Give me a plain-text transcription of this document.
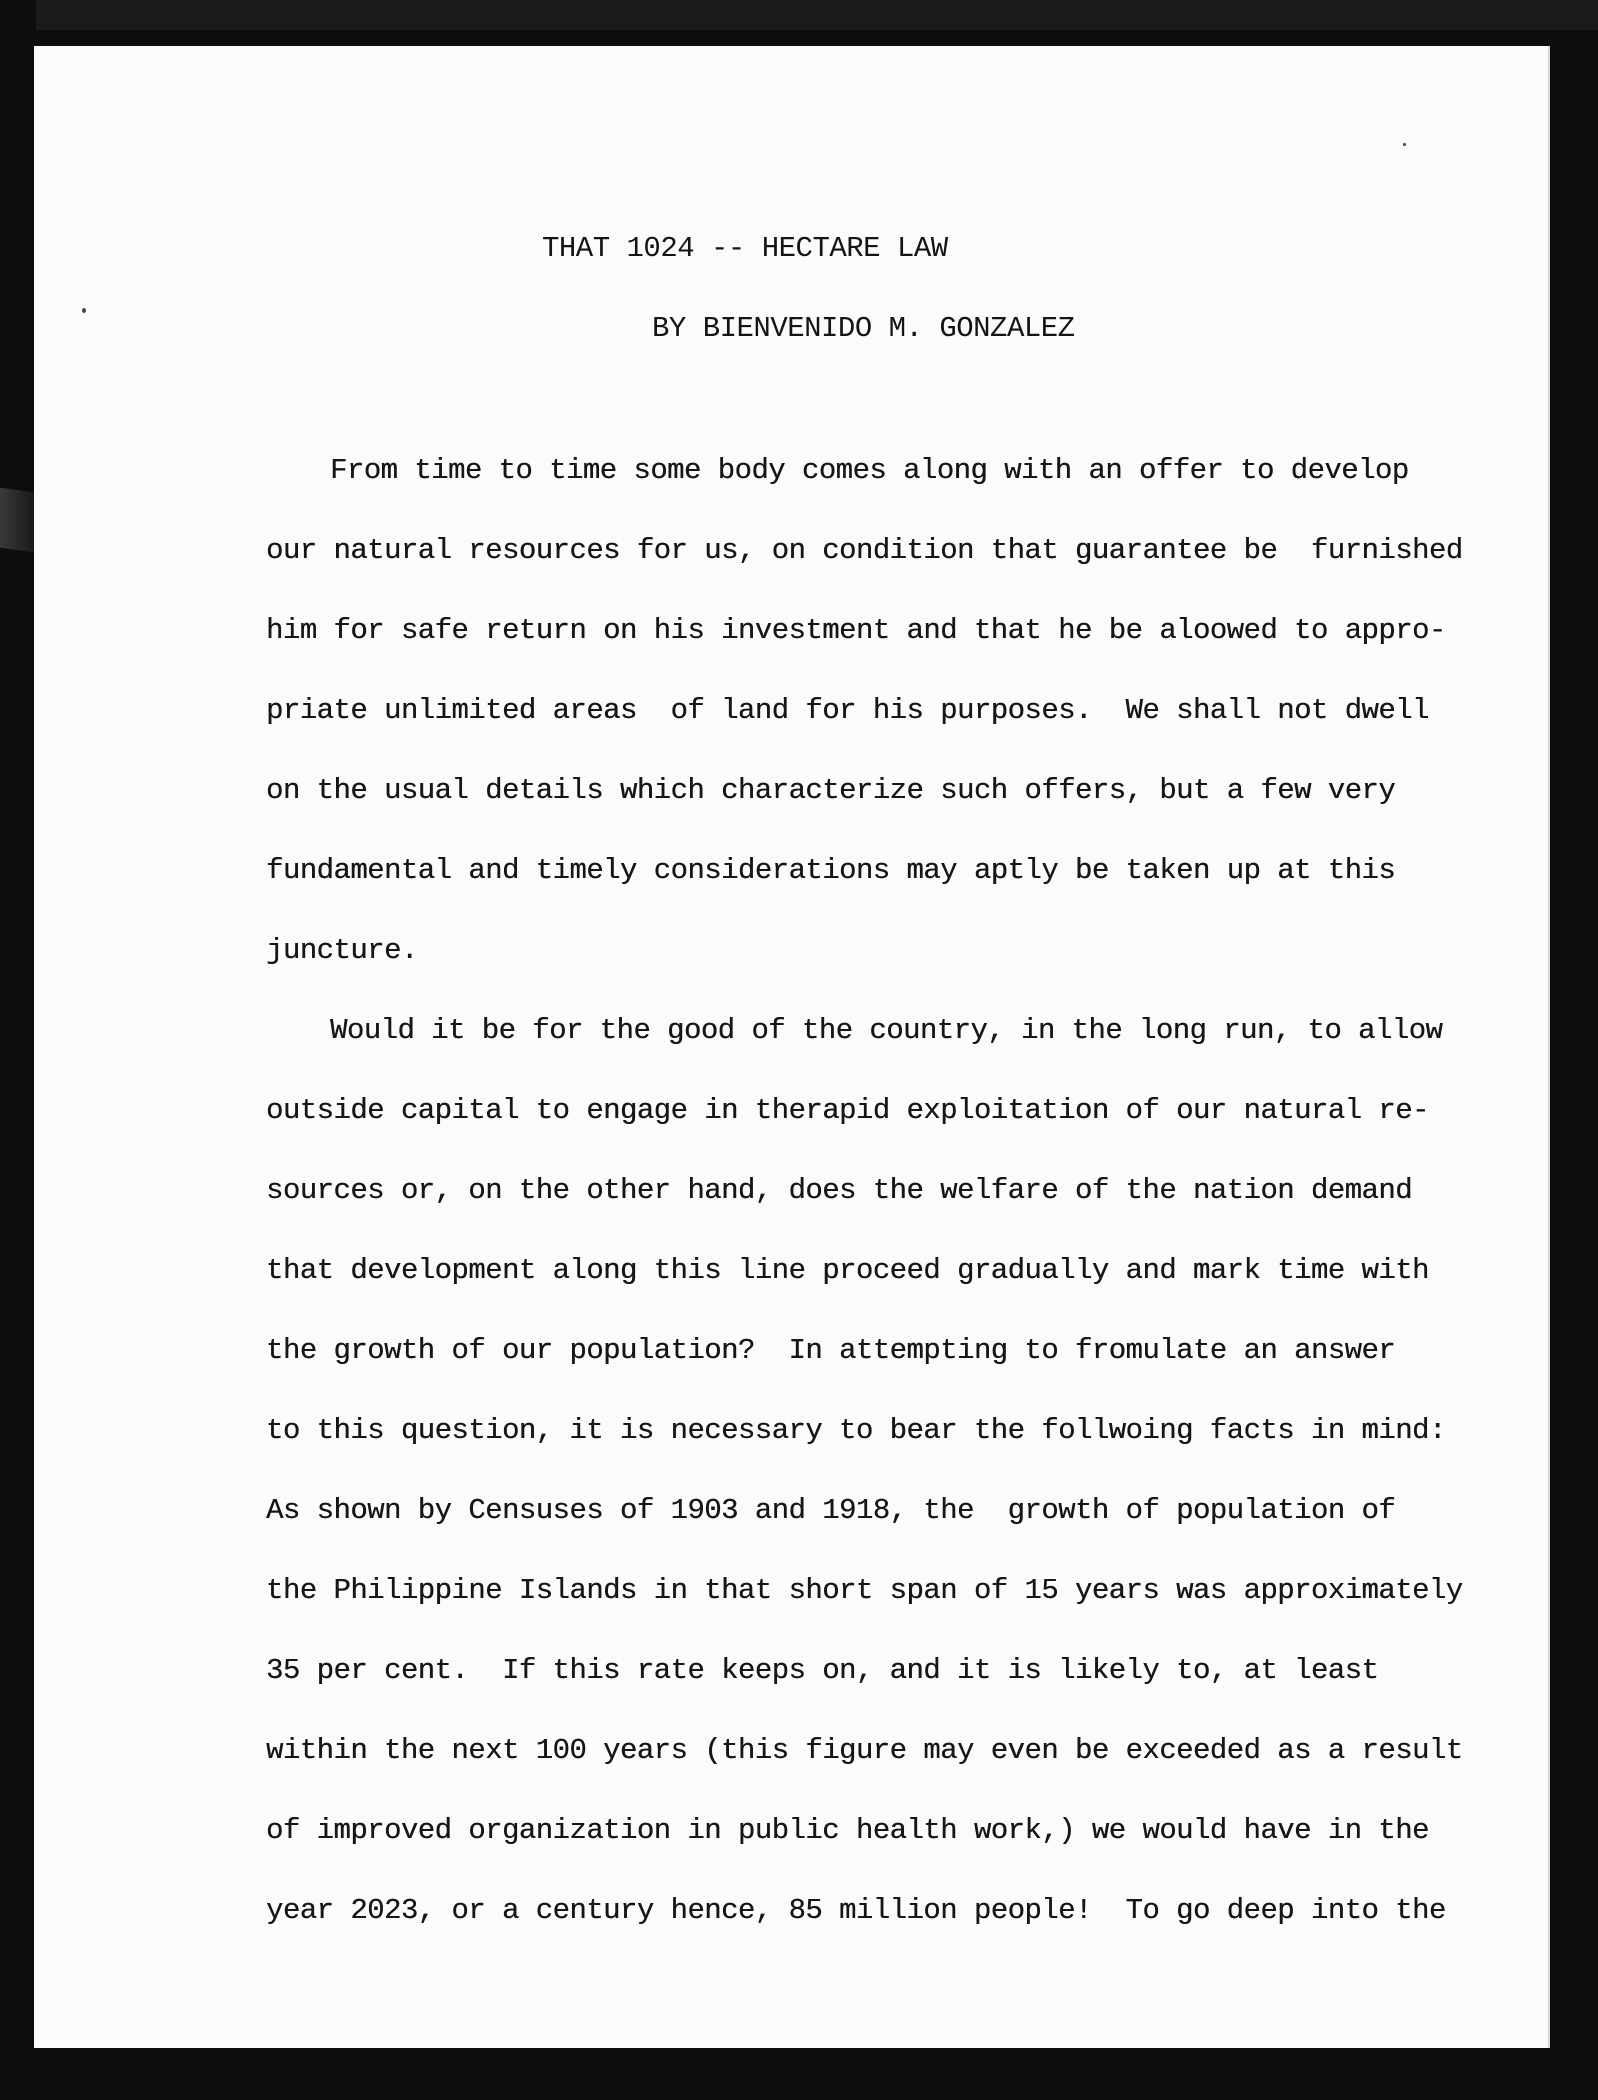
THAT 1024 -- HECTARE LAW

BY BIENVENIDO M. GONZALEZ

From time to time some body comes along with an offer to develop
our natural resources for us, on condition that guarantee be  furnished
him for safe return on his investment and that he be aloowed to appro-
priate unlimited areas  of land for his purposes.  We shall not dwell
on the usual details which characterize such offers, but a few very
fundamental and timely considerations may aptly be taken up at this
juncture.
Would it be for the good of the country, in the long run, to allow
outside capital to engage in therapid exploitation of our natural re-
sources or, on the other hand, does the welfare of the nation demand
that development along this line proceed gradually and mark time with
the growth of our population?  In attempting to fromulate an answer
to this question, it is necessary to bear the follwoing facts in mind:
As shown by Censuses of 1903 and 1918, the  growth of population of
the Philippine Islands in that short span of 15 years was approximately
35 per cent.  If this rate keeps on, and it is likely to, at least
within the next 100 years (this figure may even be exceeded as a result
of improved organization in public health work,) we would have in the
year 2023, or a century hence, 85 million people!  To go deep into the
